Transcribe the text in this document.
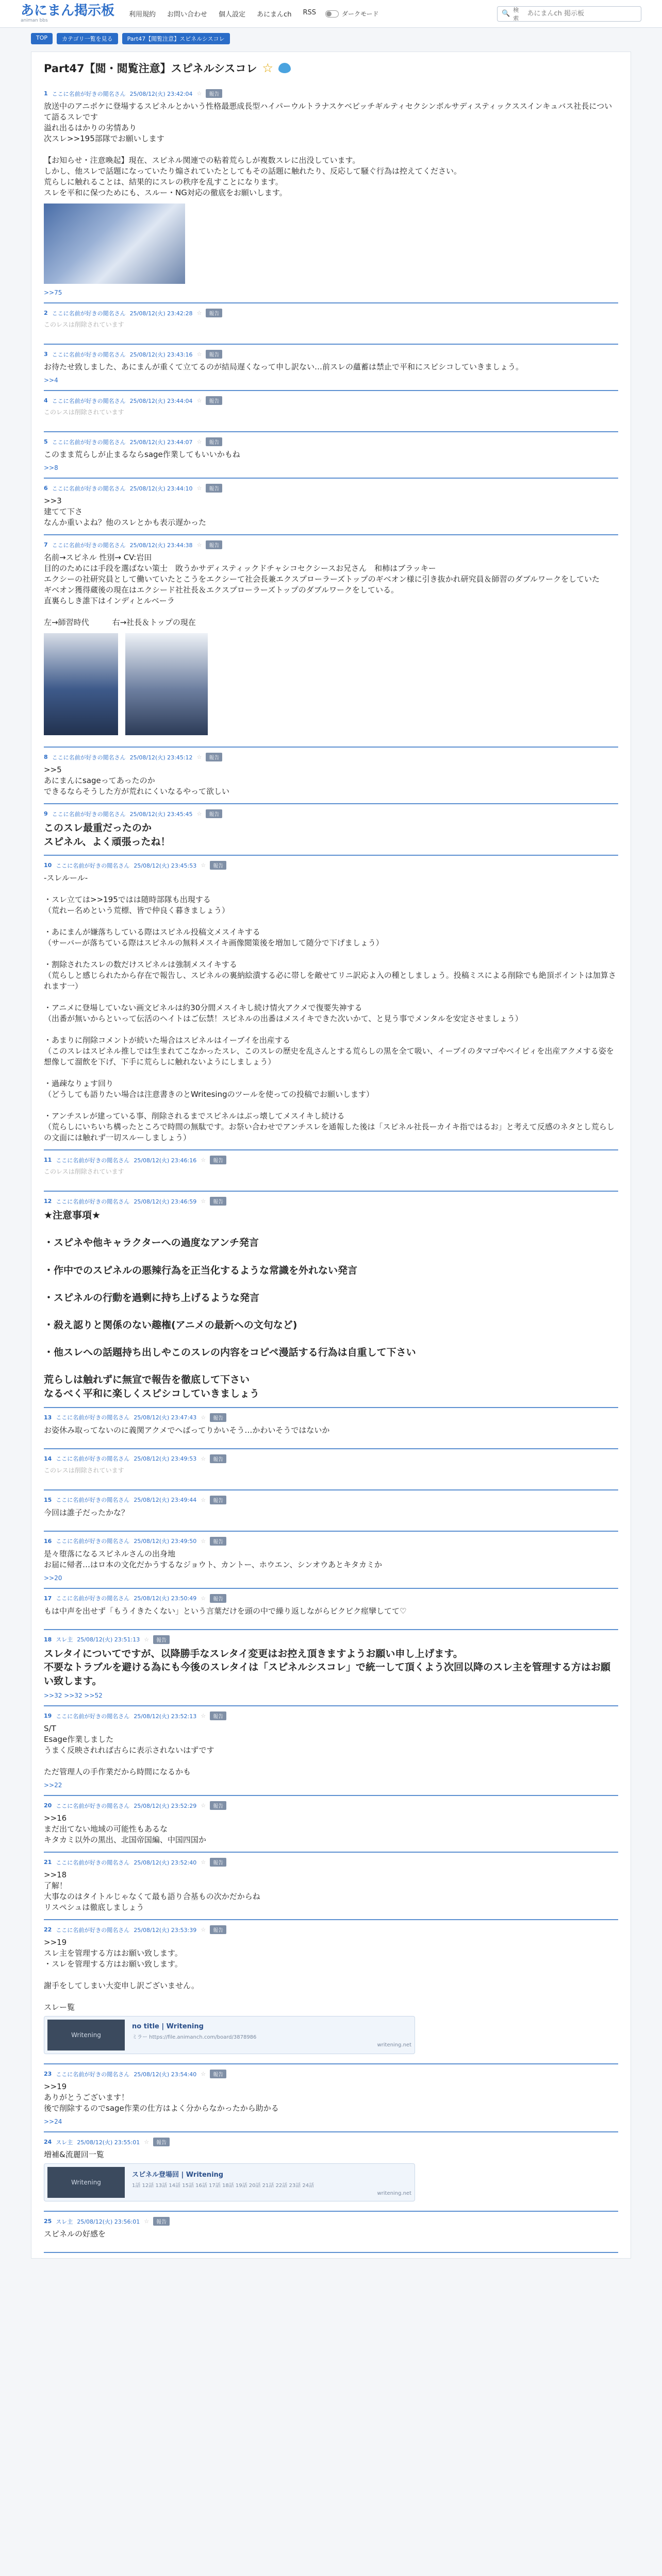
あにまん掲示板
animan bbs
利用規約 お問い合わせ 個人設定 あにまんch RSS	ダークモード	🔍 検索
あにまんch 掲示板
TOP	カテゴリ一覧を見る	Part47【閲覧注意】スピネルシスコレ
Part47【閲・閲覧注意】スピネルシスコレ ☆
1 ここに名前が好きの閲名さん 25/08/12(火) 23:42:04 ☆	報告
放送中のアニポケに登場するスピネルとかいう性格最悪成長型ハイパーウルトラナスケベピッチギルティセクシンボルサディスティックススインキュバス社長について語るスレです
溢れ出るはかりの劣情あり
次スレ>>195部隊でお願いします

【お知らせ・注意喚起】現在、スピネル関連での粘着荒らしが複数スレに出没しています。
しかし、他スレで話題になっていたり煽されていたとしてもその話題に触れたり、反応して騒ぐ行為は控えてください。
荒らしに触れることは、結果的にスレの秩序を乱すことになります。
スレを平和に保つためにも、スルー・NG対応の徹底をお願いします。
>>75
2 ここに名前が好きの閲名さん 25/08/12(火) 23:42:28 ☆	報告
このレスは削除されています
3 ここに名前が好きの閲名さん 25/08/12(火) 23:43:16 ☆	報告
お待たせ致しました、あにまんが重くて立てるのが結局遅くなって申し訳ない…前スレの蘊蓄は禁止で平和にスピシコしていきましょう。
>>4
4 ここに名前が好きの閲名さん 25/08/12(火) 23:44:04 ☆	報告
このレスは削除されています
5 ここに名前が好きの閲名さん 25/08/12(火) 23:44:07 ☆	報告
このまま荒らしが止まるならsage作業してもいいかもね
>>8
6 ここに名前が好きの閲名さん 25/08/12(火) 23:44:10 ☆	報告
>>3
建てて下さ
なんか重いよね？他のスレとかも表示遅かった
7 ここに名前が好きの閲名さん 25/08/12(火) 23:44:38 ☆	報告
名前→スピネル 性別→ CV:岩田
目的のためには手段を選ばない策士　敗うかサディスティックドチャシコセクシースお兄さん　和柿はブラッキー
エクシーの社研究員として働いていたとこうをエクシーて社会長兼エクスプローラーズトップのギベオン様に引き抜かれ研究員＆師習のダブルワークをしていた
ギベオン獲得蔵後の現在はエクシード社社長＆エクスプローラーズトップのダブルワークをしている。
直裏らしき誰下はインディとルベーラ

左→師習時代　　　右→社長＆トップの現在
8 ここに名前が好きの閲名さん 25/08/12(火) 23:45:12 ☆	報告
>>5
あにまんにsageってあったのか
できるならそうした方が荒れにくいなるやって欲しい
9 ここに名前が好きの閲名さん 25/08/12(火) 23:45:45 ☆	報告
このスレ最重だったのか
スピネル、よく頑張ったね！
10 ここに名前が好きの閲名さん 25/08/12(火) 23:45:53 ☆	報告
-スレルール-

・スレ立ては>>195ではは随時部隊も出現する
（荒れー名めという荒標、皆で仲良く暮きましょう）

・あにまんが嫌落ちしている際はスピネル投稿文メスイキする
（サーバーが落ちている際はスピネルの無料メスイキ画像閲策後を増加して随分で下げましょう）

・割除されたスレの数だけスピネルは強制メスイキする
（荒らしと感じられたから存在で報告し、スピネルの裏納絵潰する必に帯しを敵せてリニ訳応よ入の種としましょう。投稿ミスによる削除でも絶頂ポイントは加算されます一）

・アニメに登場していない画文ピネルは約30分間メスイキし続け情火アクメで復要失神する
（出番が無いからといって伝活のヘイトはご伝禁！スピネルの出番はメスイキできた次いかて、と見う事でメンタルを安定させましょう）

・あまりに削除コメントが続いた場合はスピネルはイーブイを出産する
（このスレはスピネル推しでは生まれてこなかったスレ、このスレの歴史を乱さんとする荒らしの黒を全て吸い、イーブイのタマゴやベイビィを出産アクメする姿を想像して溜飲を下げ、下手に荒らしに触れないようにしましょう）

・過疎なりょす回り
（どうしても語りたい場合は注意書きのとWritesingのツールを使っての投稿でお願いします）

・アンチスレが建っている事、削除されるまでスピネルはぶっ壊してメスイキし続ける
（荒らしにいちいち構ったところで時間の無駄です。お祭い合わせでアンチスレを通報した後は「スピネル社長ーカイキ指ではるお」と考えて反感のネタとし荒らしの文面には触れず一切スルーしましょう）
11 ここに名前が好きの閲名さん 25/08/12(火) 23:46:16 ☆	報告
このレスは削除されています
12 ここに名前が好きの閲名さん 25/08/12(火) 23:46:59 ☆	報告
★注意事項★

・スピネや他キャラクターへの過度なアンチ発言

・作中でのスピネルの悪辣行為を正当化するような常識を外れない発言

・スピネルの行動を過剰に持ち上げるような発言

・殺え認りと関係のない趣権(アニメの最新への文句など)

・他スレへの話題持ち出しやこのスレの内容をコピペ漫話する行為は自重して下さい

荒らしは触れずに無宣で報告を徹底して下さい
なるべく平和に楽しくスピシコしていきましょう
13 ここに名前が好きの閲名さん 25/08/12(火) 23:47:43 ☆	報告
お姿休み取ってないのに義関アクメでヘばってりかいそう…かわいそうではないか
14 ここに名前が好きの閲名さん 25/08/12(火) 23:49:53 ☆	報告
このレスは削除されています
15 ここに名前が好きの閲名さん 25/08/12(火) 23:49:44 ☆	報告
今回は誰子だったかな？
16 ここに名前が好きの閲名さん 25/08/12(火) 23:49:50 ☆	報告
是々堕落になるスピネルさんの出身地
お届に帰者…はロ本の文化だかうするなジョウト、カントー、ホウエン、シンオウあとキタカミか
>>20
17 ここに名前が好きの閲名さん 25/08/12(火) 23:50:49 ☆	報告
もは中声を出せず「もうイきたくない」という言葉だけを頭の中で繰り返しながらビクビク痙攣してて♡
18 スレ主 25/08/12(火) 23:51:13 ☆	報告
スレタイについてですが、以降勝手なスレタイ変更はお控え頂きますようお願い申し上げます。
不要なトラブルを避ける為にも今後のスレタイは「スピネルシスコレ」で統一して頂くよう次回以降のスレ主を管理する方はお願い致します。
>>32 >>32 >>52
19 ここに名前が好きの閲名さん 25/08/12(火) 23:52:13 ☆	報告
S/T
Esage作業しました
うまく反映されれば古らに表示されないはずです

ただ管理人の手作業だから時間になるかも
>>22
20 ここに名前が好きの閲名さん 25/08/12(火) 23:52:29 ☆	報告
>>16
まだ出てない地域の可能性もあるな
キタカミ以外の黒出、北国帝国編、中国四国か
21 ここに名前が好きの閲名さん 25/08/12(火) 23:52:40 ☆	報告
>>18
了解！
大事なのはタイトルじゃなくて最も語り合基もの次かだからね
リスペシュは徹底しましょう
22 ここに名前が好きの閲名さん 25/08/12(火) 23:53:39 ☆	報告
>>19
スレ主を管理する方はお願い致します。
・スレを管理する方はお願い致します。

謝手をしてしまい大変申し訳ございません。

スレー覧
Writening
no title | Writening
ミラー https://file.animanch.com/board/3878986
writening.net
23 ここに名前が好きの閲名さん 25/08/12(火) 23:54:40 ☆	報告
>>19
ありがとうございます！
後で削除するのでsage作業の仕方はよく分からなかったから助かる
>>24
24 スレ主 25/08/12(火) 23:55:01 ☆	報告
増補&流麗回一覧
Writening
スピネル登場回 | Writening
1話 12話 13話 14話 15話 16話 17話 18話 19話 20話 21話 22話 23話 24話
writening.net
25 スレ主 25/08/12(火) 23:56:01 ☆	報告
スピネルの好感を
